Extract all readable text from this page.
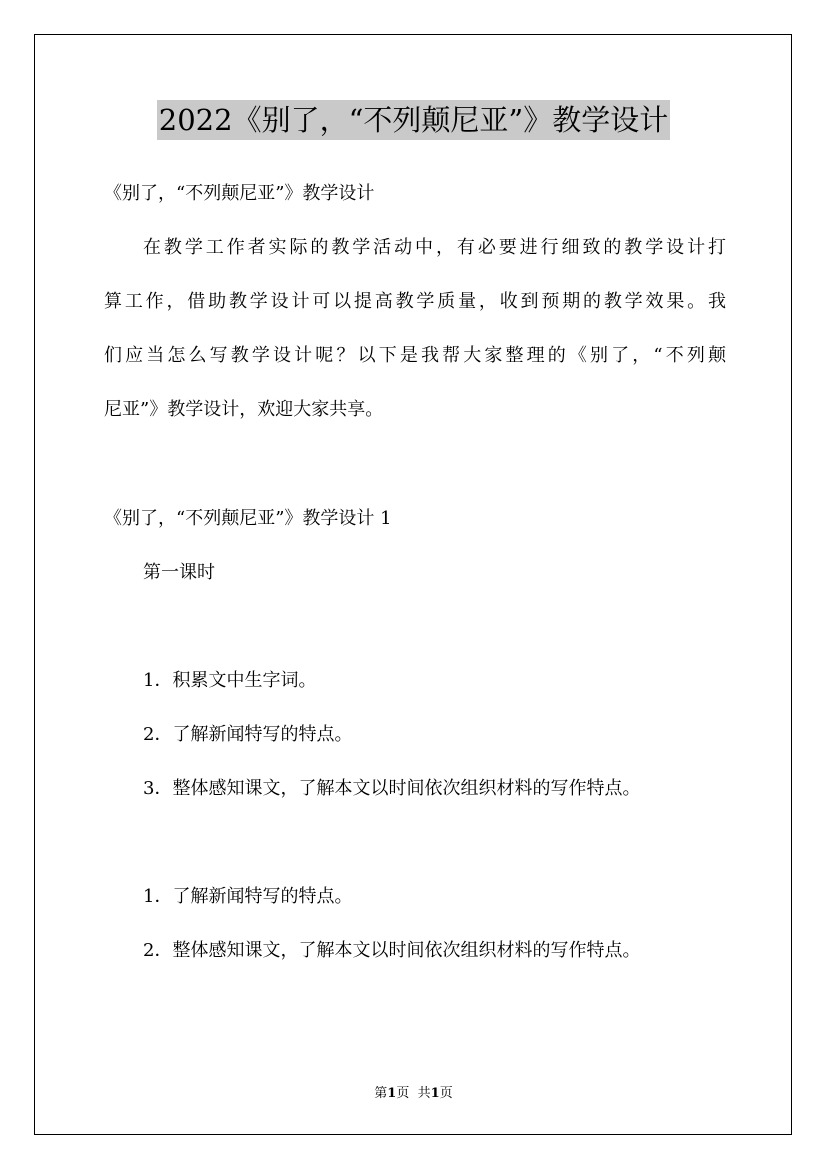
2022《别了，“不列颠尼亚”》教学设计
《别了，“不列颠尼亚”》教学设计
在教学工作者实际的教学活动中，有必要进行细致的教学设计打
算工作，借助教学设计可以提高教学质量，收到预期的教学效果。我
们应当怎么写教学设计呢？以下是我帮大家整理的《别了，“不列颠
尼亚”》教学设计，欢迎大家共享。
《别了，“不列颠尼亚”》教学设计 1
第一课时
1．积累文中生字词。
2．了解新闻特写的特点。
3．整体感知课文，了解本文以时间依次组织材料的写作特点。
1．了解新闻特写的特点。
2．整体感知课文，了解本文以时间依次组织材料的写作特点。
第1页 共1页
